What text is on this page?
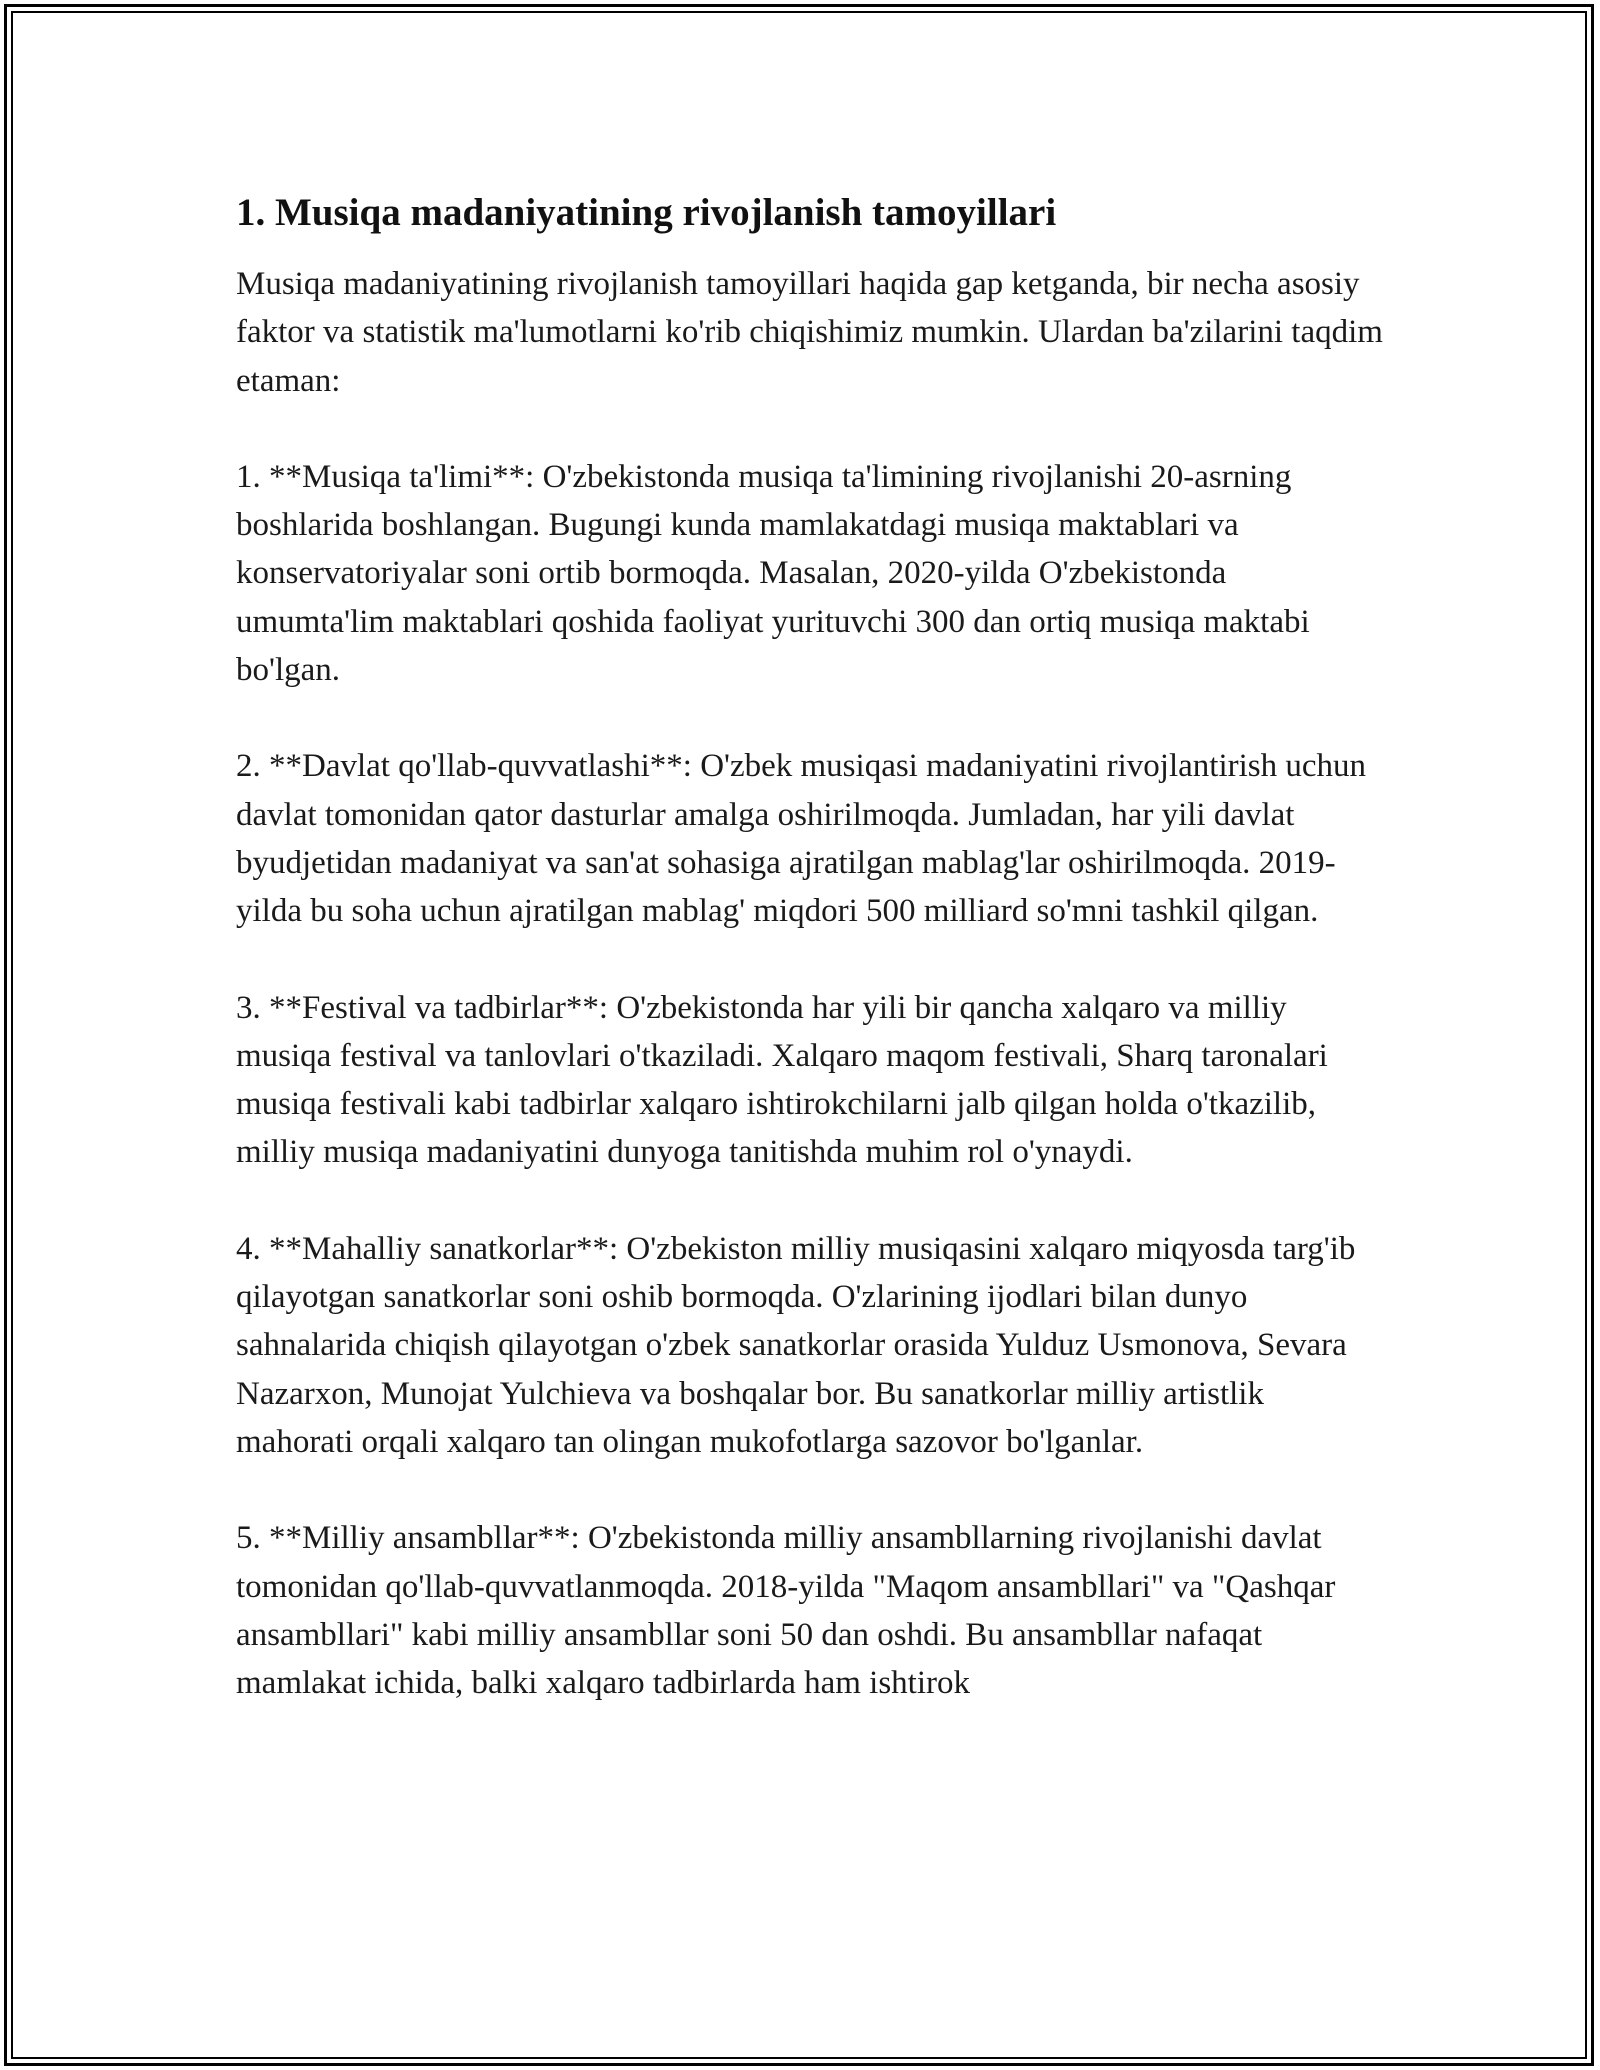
1. Musiqa madaniyatining rivojlanish tamoyillari

Musiqa madaniyatining rivojlanish tamoyillari haqida gap ketganda, bir necha asosiy faktor va statistik ma'lumotlarni ko'rib chiqishimiz mumkin. Ulardan ba'zilarini taqdim etaman:

1. **Musiqa ta'limi**: O'zbekistonda musiqa ta'limining rivojlanishi 20-asrning boshlarida boshlangan. Bugungi kunda mamlakatdagi musiqa maktablari va konservatoriyalar soni ortib bormoqda. Masalan, 2020-yilda O'zbekistonda umumta'lim maktablari qoshida faoliyat yurituvchi 300 dan ortiq musiqa maktabi bo'lgan.

2. **Davlat qo'llab-quvvatlashi**: O'zbek musiqasi madaniyatini rivojlantirish uchun davlat tomonidan qator dasturlar amalga oshirilmoqda. Jumladan, har yili davlat byudjetidan madaniyat va san'at sohasiga ajratilgan mablag'lar oshirilmoqda. 2019-yilda bu soha uchun ajratilgan mablag' miqdori 500 milliard so'mni tashkil qilgan.

3. **Festival va tadbirlar**: O'zbekistonda har yili bir qancha xalqaro va milliy musiqa festival va tanlovlari o'tkaziladi. Xalqaro maqom festivali, Sharq taronalari musiqa festivali kabi tadbirlar xalqaro ishtirokchilarni jalb qilgan holda o'tkazilib, milliy musiqa madaniyatini dunyoga tanitishda muhim rol o'ynaydi.

4. **Mahalliy sanatkorlar**: O'zbekiston milliy musiqasini xalqaro miqyosda targ'ib qilayotgan sanatkorlar soni oshib bormoqda. O'zlarining ijodlari bilan dunyo sahnalarida chiqish qilayotgan o'zbek sanatkorlar orasida Yulduz Usmonova, Sevara Nazarxon, Munojat Yulchieva va boshqalar bor. Bu sanatkorlar milliy artistlik mahorati orqali xalqaro tan olingan mukofotlarga sazovor bo'lganlar.

5. **Milliy ansambllar**: O'zbekistonda milliy ansambllarning rivojlanishi davlat tomonidan qo'llab-quvvatlanmoqda. 2018-yilda "Maqom ansambllari" va "Qashqar ansambllari" kabi milliy ansambllar soni 50 dan oshdi. Bu ansambllar nafaqat mamlakat ichida, balki xalqaro tadbirlarda ham ishtirok
